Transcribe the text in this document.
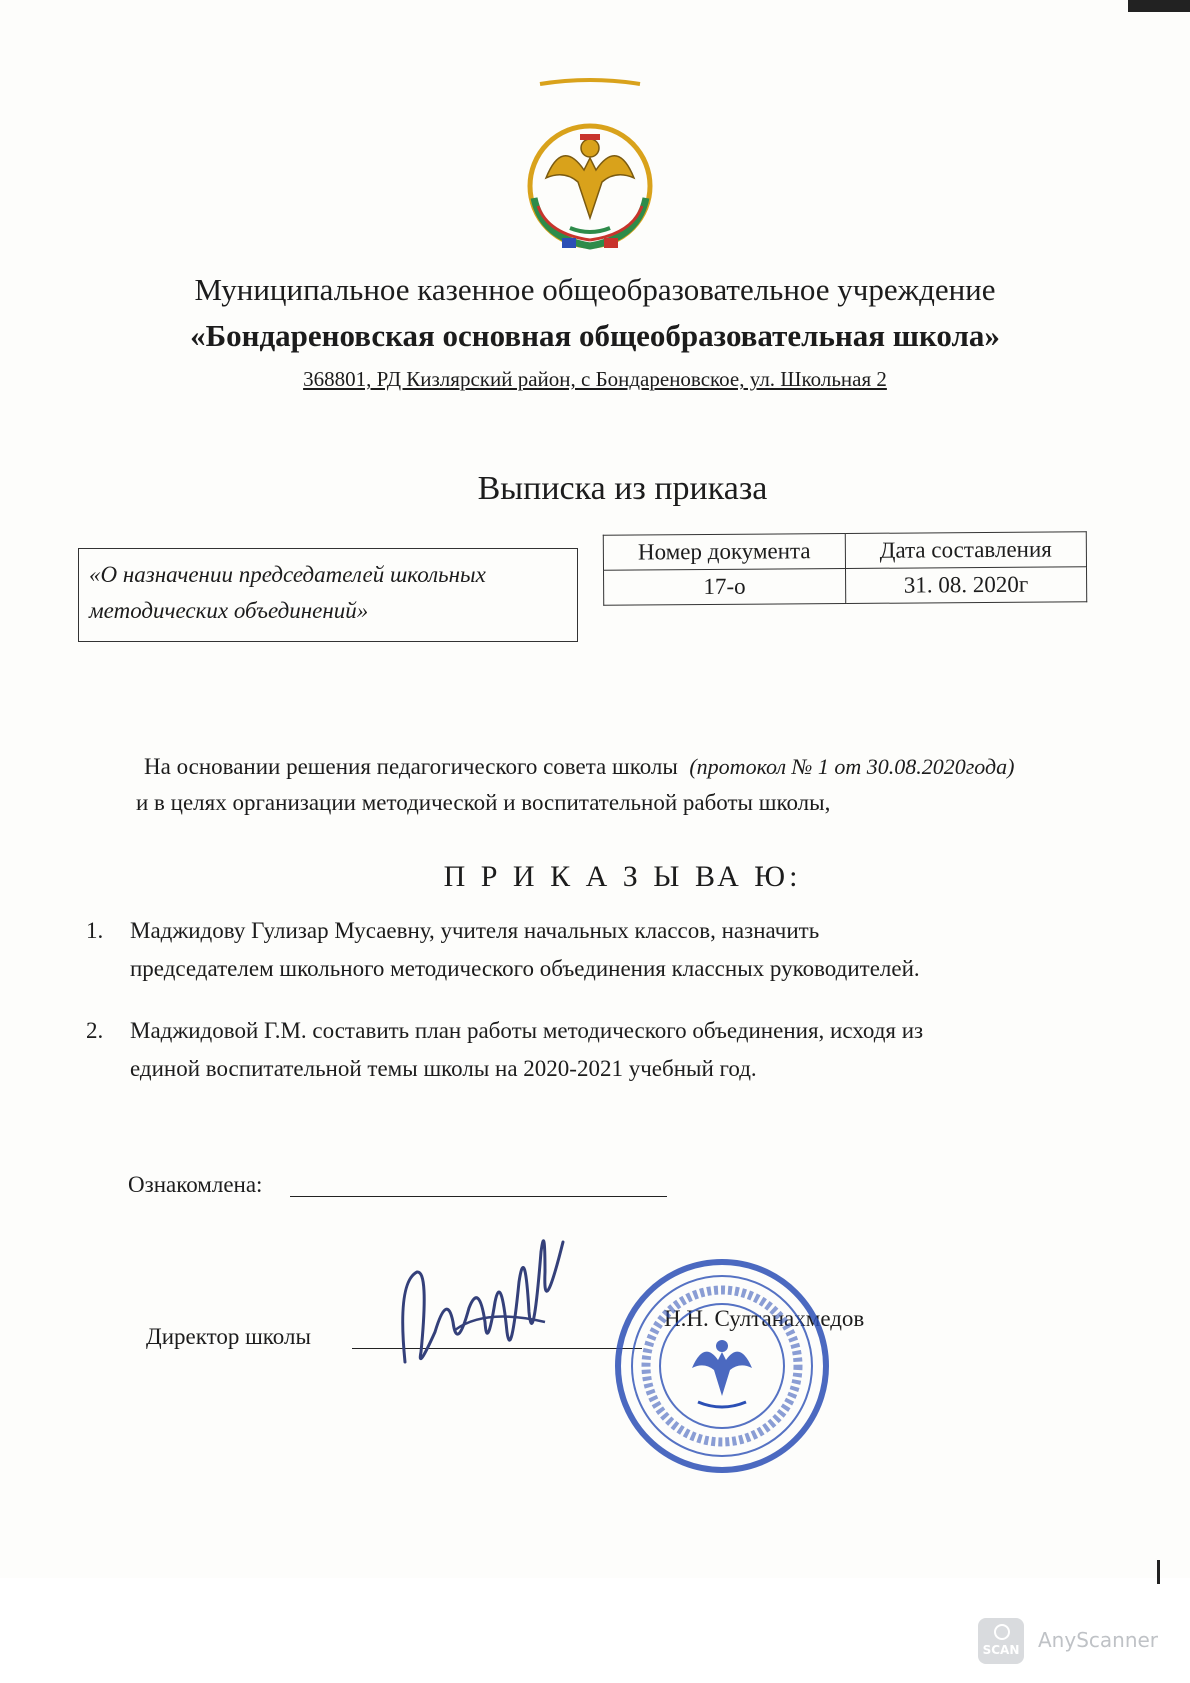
Муниципальное казенное общеобразовательное учреждение
«Бондареновская основная общеобразовательная школа»
368801, РД Кизлярский район, с Бондареновское, ул. Школьная 2
Выписка из приказа
«О назначении председателей школьных
методических объединений»
Номер документа	Дата составления
17-о	31. 08. 2020г
На основании решения педагогического совета школы (протокол № 1 от 30.08.2020года)
и в целях организации методической и воспитательной работы школы,
П Р И К А З Ы ВА Ю:
1. Маджидову Гулизар Мусаевну, учителя начальных классов, назначить
председателем школьного методического объединения классных руководителей.
2. Маджидовой Г.М. составить план работы методического объединения, исходя из
единой воспитательной темы школы на 2020-2021 учебный год.
Ознакомлена:
Директор школы
Н.Н. Султанахмедов
SCAN AnyScanner
